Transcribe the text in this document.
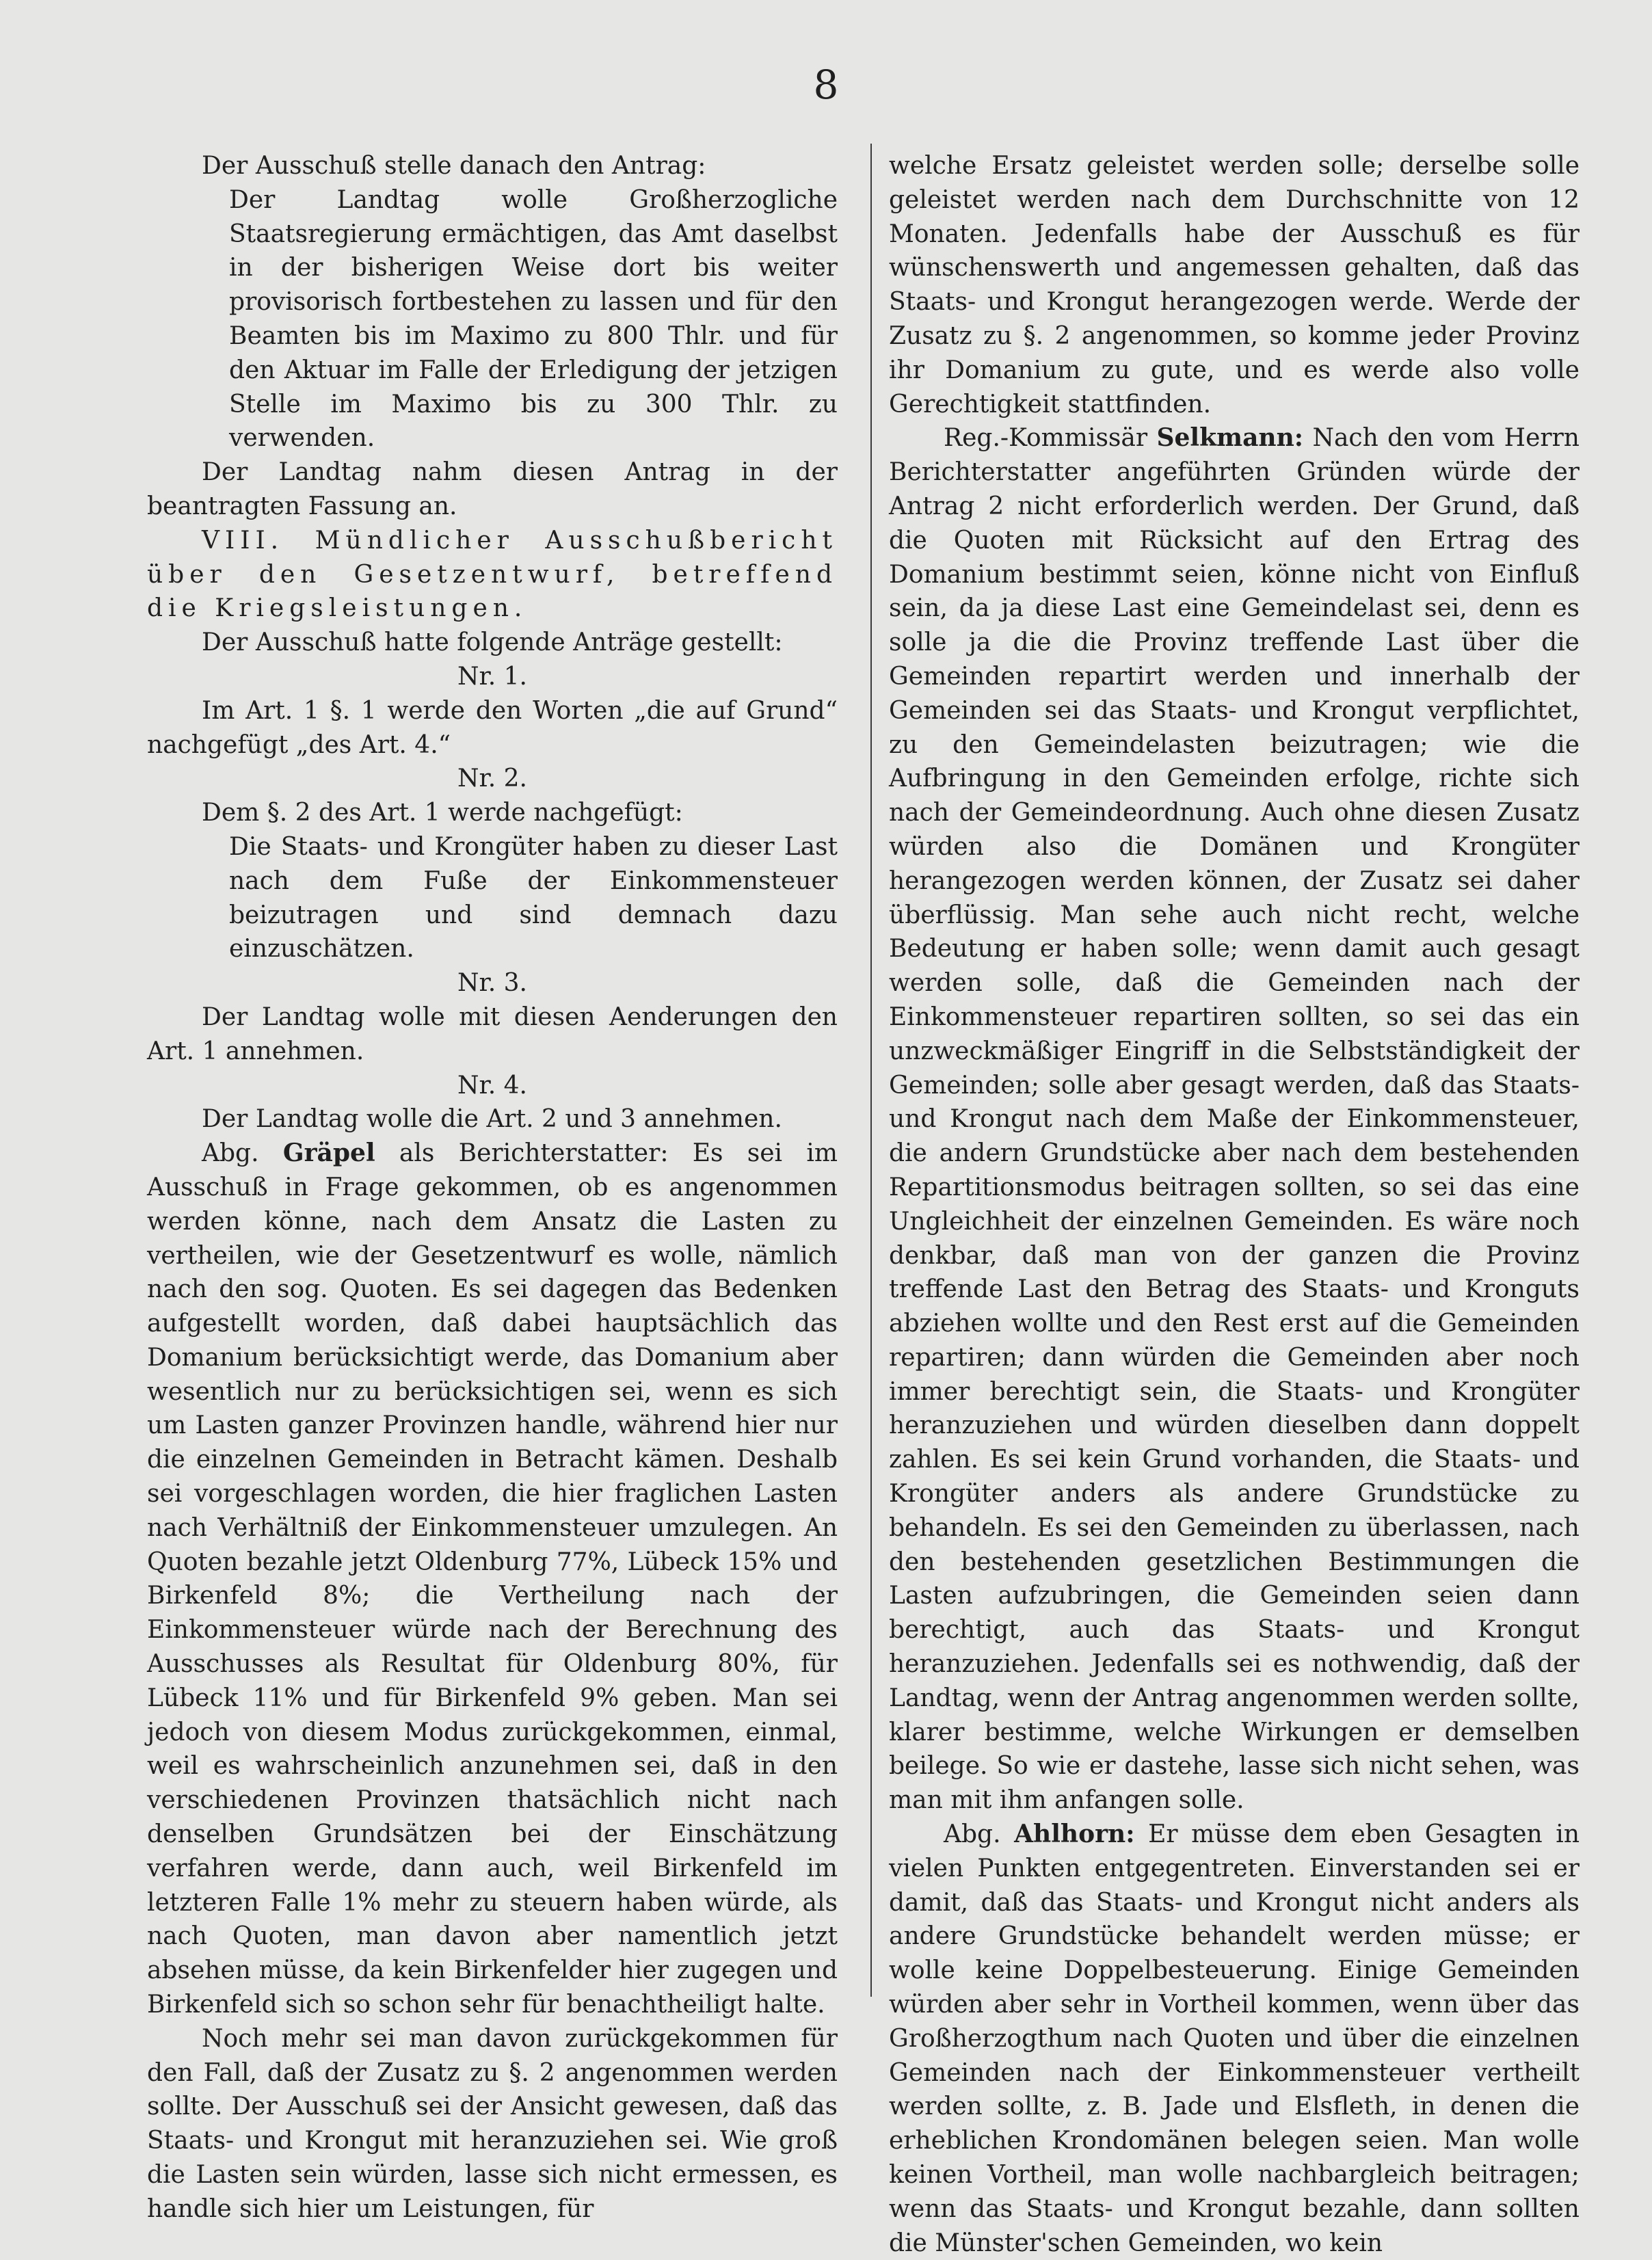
8

Der Ausschuß stelle danach den Antrag:

Der Landtag wolle Großherzogliche Staatsregierung ermächtigen, das Amt daselbst in der bisherigen Weise dort bis weiter provisorisch fortbestehen zu lassen und für den Beamten bis im Maximo zu 800 Thlr. und für den Aktuar im Falle der Erledigung der jetzigen Stelle im Maximo bis zu 300 Thlr. zu verwenden.

Der Landtag nahm diesen Antrag in der beantragten Fassung an.

VIII. Mündlicher Ausschußbericht über den Gesetzentwurf, betreffend die Kriegsleistungen.

Der Ausschuß hatte folgende Anträge gestellt:

Nr. 1.

Im Art. 1 §. 1 werde den Worten „die auf Grund“ nachgefügt „des Art. 4.“

Nr. 2.

Dem §. 2 des Art. 1 werde nachgefügt:

Die Staats- und Krongüter haben zu dieser Last nach dem Fuße der Einkommensteuer beizutragen und sind demnach dazu einzuschätzen.

Nr. 3.

Der Landtag wolle mit diesen Aenderungen den Art. 1 annehmen.

Nr. 4.

Der Landtag wolle die Art. 2 und 3 annehmen.

Abg. Gräpel als Berichterstatter: Es sei im Ausschuß in Frage gekommen, ob es angenommen werden könne, nach dem Ansatz die Lasten zu vertheilen, wie der Gesetzentwurf es wolle, nämlich nach den sog. Quoten. Es sei dagegen das Bedenken aufgestellt worden, daß dabei hauptsächlich das Domanium berücksichtigt werde, das Domanium aber wesentlich nur zu berücksichtigen sei, wenn es sich um Lasten ganzer Provinzen handle, während hier nur die einzelnen Gemeinden in Betracht kämen. Deshalb sei vorgeschlagen worden, die hier fraglichen Lasten nach Verhältniß der Einkommensteuer umzulegen. An Quoten bezahle jetzt Oldenburg 77%, Lübeck 15% und Birkenfeld 8%; die Vertheilung nach der Einkommensteuer würde nach der Berechnung des Ausschusses als Resultat für Oldenburg 80%, für Lübeck 11% und für Birkenfeld 9% geben. Man sei jedoch von diesem Modus zurückgekommen, einmal, weil es wahrscheinlich anzunehmen sei, daß in den verschiedenen Provinzen thatsächlich nicht nach denselben Grundsätzen bei der Einschätzung verfahren werde, dann auch, weil Birkenfeld im letzteren Falle 1% mehr zu steuern haben würde, als nach Quoten, man davon aber namentlich jetzt absehen müsse, da kein Birkenfelder hier zugegen und Birkenfeld sich so schon sehr für benachtheiligt halte.

Noch mehr sei man davon zurückgekommen für den Fall, daß der Zusatz zu §. 2 angenommen werden sollte. Der Ausschuß sei der Ansicht gewesen, daß das Staats- und Krongut mit heranzuziehen sei. Wie groß die Lasten sein würden, lasse sich nicht ermessen, es handle sich hier um Leistungen, für

welche Ersatz geleistet werden solle; derselbe solle geleistet werden nach dem Durchschnitte von 12 Monaten. Jedenfalls habe der Ausschuß es für wünschenswerth und angemessen gehalten, daß das Staats- und Krongut herangezogen werde. Werde der Zusatz zu §. 2 angenommen, so komme jeder Provinz ihr Domanium zu gute, und es werde also volle Gerechtigkeit stattfinden.

Reg.-Kommissär Selkmann: Nach den vom Herrn Berichterstatter angeführten Gründen würde der Antrag 2 nicht erforderlich werden. Der Grund, daß die Quoten mit Rücksicht auf den Ertrag des Domanium bestimmt seien, könne nicht von Einfluß sein, da ja diese Last eine Gemeindelast sei, denn es solle ja die die Provinz treffende Last über die Gemeinden repartirt werden und innerhalb der Gemeinden sei das Staats- und Krongut verpflichtet, zu den Gemeindelasten beizutragen; wie die Aufbringung in den Gemeinden erfolge, richte sich nach der Gemeindeordnung. Auch ohne diesen Zusatz würden also die Domänen und Krongüter herangezogen werden können, der Zusatz sei daher überflüssig. Man sehe auch nicht recht, welche Bedeutung er haben solle; wenn damit auch gesagt werden solle, daß die Gemeinden nach der Einkommensteuer repartiren sollten, so sei das ein unzweckmäßiger Eingriff in die Selbstständigkeit der Gemeinden; solle aber gesagt werden, daß das Staats- und Krongut nach dem Maße der Einkommensteuer, die andern Grundstücke aber nach dem bestehenden Repartitionsmodus beitragen sollten, so sei das eine Ungleichheit der einzelnen Gemeinden. Es wäre noch denkbar, daß man von der ganzen die Provinz treffende Last den Betrag des Staats- und Kronguts abziehen wollte und den Rest erst auf die Gemeinden repartiren; dann würden die Gemeinden aber noch immer berechtigt sein, die Staats- und Krongüter heranzuziehen und würden dieselben dann doppelt zahlen. Es sei kein Grund vorhanden, die Staats- und Krongüter anders als andere Grundstücke zu behandeln. Es sei den Gemeinden zu überlassen, nach den bestehenden gesetzlichen Bestimmungen die Lasten aufzubringen, die Gemeinden seien dann berechtigt, auch das Staats- und Krongut heranzuziehen. Jedenfalls sei es nothwendig, daß der Landtag, wenn der Antrag angenommen werden sollte, klarer bestimme, welche Wirkungen er demselben beilege. So wie er dastehe, lasse sich nicht sehen, was man mit ihm anfangen solle.

Abg. Ahlhorn: Er müsse dem eben Gesagten in vielen Punkten entgegentreten. Einverstanden sei er damit, daß das Staats- und Krongut nicht anders als andere Grundstücke behandelt werden müsse; er wolle keine Doppelbesteuerung. Einige Gemeinden würden aber sehr in Vortheil kommen, wenn über das Großherzogthum nach Quoten und über die einzelnen Gemeinden nach der Einkommensteuer vertheilt werden sollte, z. B. Jade und Elsfleth, in denen die erheblichen Krondomänen belegen seien. Man wolle keinen Vortheil, man wolle nachbargleich beitragen; wenn das Staats- und Krongut bezahle, dann sollten die Münster'schen Gemeinden, wo kein
